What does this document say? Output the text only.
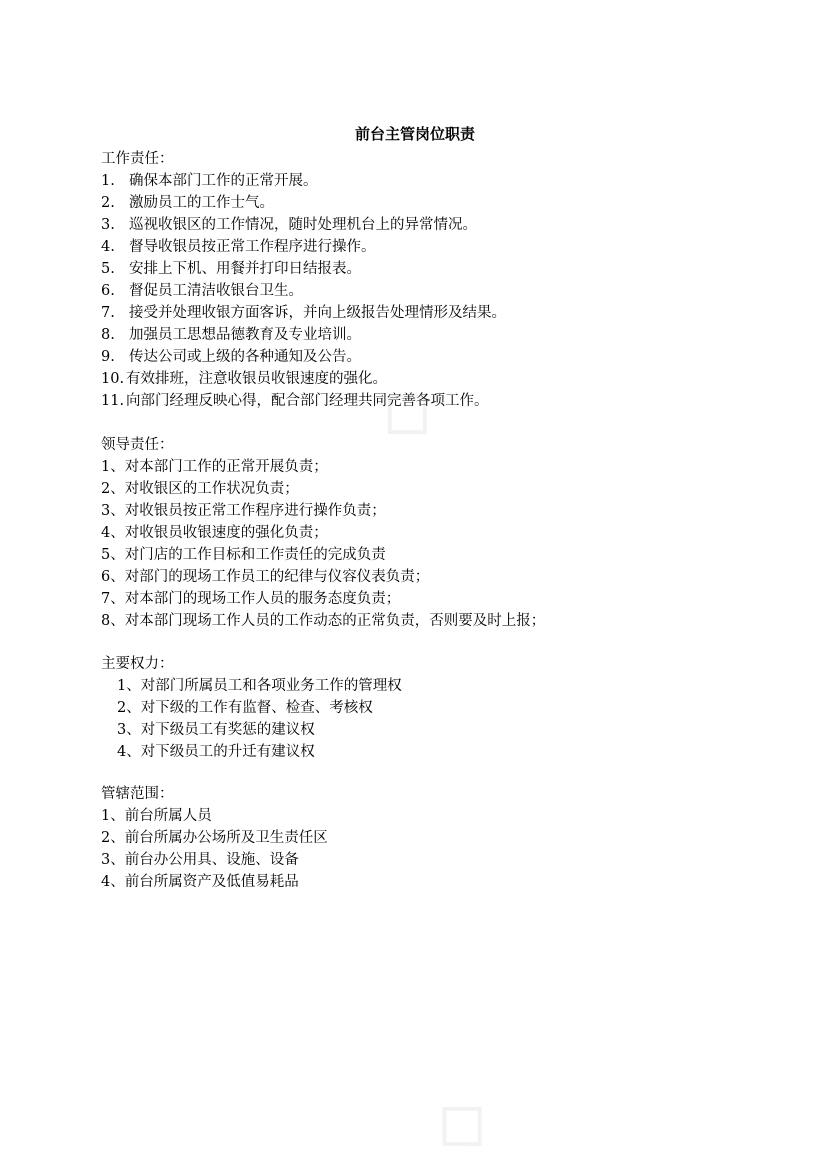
◇
◇
前台主管岗位职责
工作责任：
1. 确保本部门工作的正常开展。
2. 激励员工的工作士气。
3. 巡视收银区的工作情况，随时处理机台上的异常情况。
4. 督导收银员按正常工作程序进行操作。
5. 安排上下机、用餐并打印日结报表。
6. 督促员工清洁收银台卫生。
7. 接受并处理收银方面客诉，并向上级报告处理情形及结果。
8. 加强员工思想品德教育及专业培训。
9. 传达公司或上级的各种通知及公告。
10. 有效排班，注意收银员收银速度的强化。
11. 向部门经理反映心得，配合部门经理共同完善各项工作。
领导责任：
1、对本部门工作的正常开展负责；
2、对收银区的工作状况负责；
3、对收银员按正常工作程序进行操作负责；
4、对收银员收银速度的强化负责；
5、对门店的工作目标和工作责任的完成负责
6、对部门的现场工作员工的纪律与仪容仪表负责；
7、对本部门的现场工作人员的服务态度负责；
8、对本部门现场工作人员的工作动态的正常负责，否则要及时上报；
主要权力：
1、对部门所属员工和各项业务工作的管理权
2、对下级的工作有监督、检查、考核权
3、对下级员工有奖惩的建议权
4、对下级员工的升迁有建议权
管辖范围：
1、前台所属人员
2、前台所属办公场所及卫生责任区
3、前台办公用具、设施、设备
4、前台所属资产及低值易耗品
